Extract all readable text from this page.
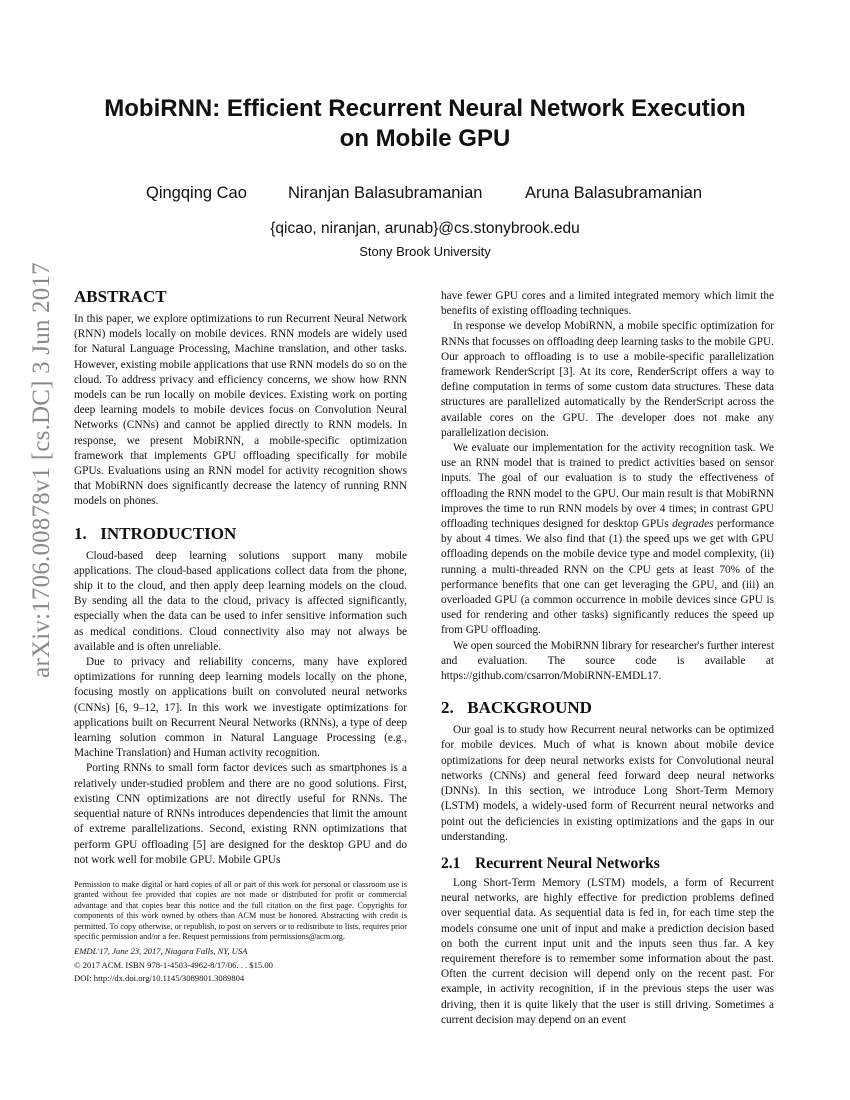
arXiv:1706.00878v1 [cs.DC] 3 Jun 2017
MobiRNN: Efficient Recurrent Neural Network Execution
on Mobile GPU
Qingqing Cao Niranjan Balasubramanian	Aruna Balasubramanian
{qicao, niranjan, arunab}@cs.stonybrook.edu
Stony Brook University
ABSTRACT

In this paper, we explore optimizations to run Recurrent Neural Network (RNN) models locally on mobile devices. RNN models are widely used for Natural Language Processing, Machine translation, and other tasks. However, existing mobile applications that use RNN models do so on the cloud. To address privacy and efficiency concerns, we show how RNN models can be run locally on mobile devices. Existing work on porting deep learning models to mobile devices focus on Convolution Neural Networks (CNNs) and cannot be applied directly to RNN models. In response, we present MobiRNN, a mobile-specific optimization framework that implements GPU offloading specifically for mobile GPUs. Evaluations using an RNN model for activity recognition shows that MobiRNN does significantly decrease the latency of running RNN models on phones.

1. INTRODUCTION

Cloud-based deep learning solutions support many mobile applications. The cloud-based applications collect data from the phone, ship it to the cloud, and then apply deep learning models on the cloud. By sending all the data to the cloud, privacy is affected significantly, especially when the data can be used to infer sensitive information such as medical conditions. Cloud connectivity also may not always be available and is often unreliable.

Due to privacy and reliability concerns, many have explored optimizations for running deep learning models locally on the phone, focusing mostly on applications built on convoluted neural networks (CNNs) [6, 9–12, 17]. In this work we investigate optimizations for applications built on Recurrent Neural Networks (RNNs), a type of deep learning solution common in Natural Language Processing (e.g., Machine Translation) and Human activity recognition.

Porting RNNs to small form factor devices such as smartphones is a relatively under-studied problem and there are no good solutions. First, existing CNN optimizations are not directly useful for RNNs. The sequential nature of RNNs introduces dependencies that limit the amount of extreme parallelizations. Second, existing RNN optimizations that perform GPU offloading [5] are designed for the desktop GPU and do not work well for mobile GPU. Mobile GPUs

Permission to make digital or hard copies of all or part of this work for personal or classroom use is granted without fee provided that copies are not made or distributed for profit or commercial advantage and that copies bear this notice and the full citation on the first page. Copyrights for components of this work owned by others than ACM must be honored. Abstracting with credit is permitted. To copy otherwise, or republish, to post on servers or to redistribute to lists, requires prior specific permission and/or a fee. Request permissions from permissions@acm.org.

EMDL'17, June 23, 2017, Niagara Falls, NY, USA

© 2017 ACM. ISBN 978-1-4503-4962-8/17/06. . . $15.00

DOI: http://dx.doi.org/10.1145/3089801.3089804

have fewer GPU cores and a limited integrated memory which limit the benefits of existing offloading techniques.

In response we develop MobiRNN, a mobile specific optimization for RNNs that focusses on offloading deep learning tasks to the mobile GPU. Our approach to offloading is to use a mobile-specific parallelization framework RenderScript [3]. At its core, RenderScript offers a way to define computation in terms of some custom data structures. These data structures are parallelized automatically by the RenderScript across the available cores on the GPU. The developer does not make any parallelization decision.

We evaluate our implementation for the activity recognition task. We use an RNN model that is trained to predict activities based on sensor inputs. The goal of our evaluation is to study the effectiveness of offloading the RNN model to the GPU. Our main result is that MobiRNN improves the time to run RNN models by over 4 times; in contrast GPU offloading techniques designed for desktop GPUs degrades performance by about 4 times. We also find that (1) the speed ups we get with GPU offloading depends on the mobile device type and model complexity, (ii) running a multi-threaded RNN on the CPU gets at least 70% of the performance benefits that one can get leveraging the GPU, and (iii) an overloaded GPU (a common occurrence in mobile devices since GPU is used for rendering and other tasks) significantly reduces the speed up from GPU offloading.

We open sourced the MobiRNN library for researcher's further interest and evaluation. The source code is available at https://github.com/csarron/MobiRNN-EMDL17.

2. BACKGROUND

Our goal is to study how Recurrent neural networks can be optimized for mobile devices. Much of what is known about mobile device optimizations for deep neural networks exists for Convolutional neural networks (CNNs) and general feed forward deep neural networks (DNNs). In this section, we introduce Long Short-Term Memory (LSTM) models, a widely-used form of Recurrent neural networks and point out the deficiencies in existing optimizations and the gaps in our understanding.

2.1 Recurrent Neural Networks

Long Short-Term Memory (LSTM) models, a form of Recurrent neural networks, are highly effective for prediction problems defined over sequential data. As sequential data is fed in, for each time step the models consume one unit of input and make a prediction decision based on both the current input unit and the inputs seen thus far. A key requirement therefore is to remember some information about the past. Often the current decision will depend only on the recent past. For example, in activity recognition, if in the previous steps the user was driving, then it is quite likely that the user is still driving. Sometimes a current decision may depend on an event
